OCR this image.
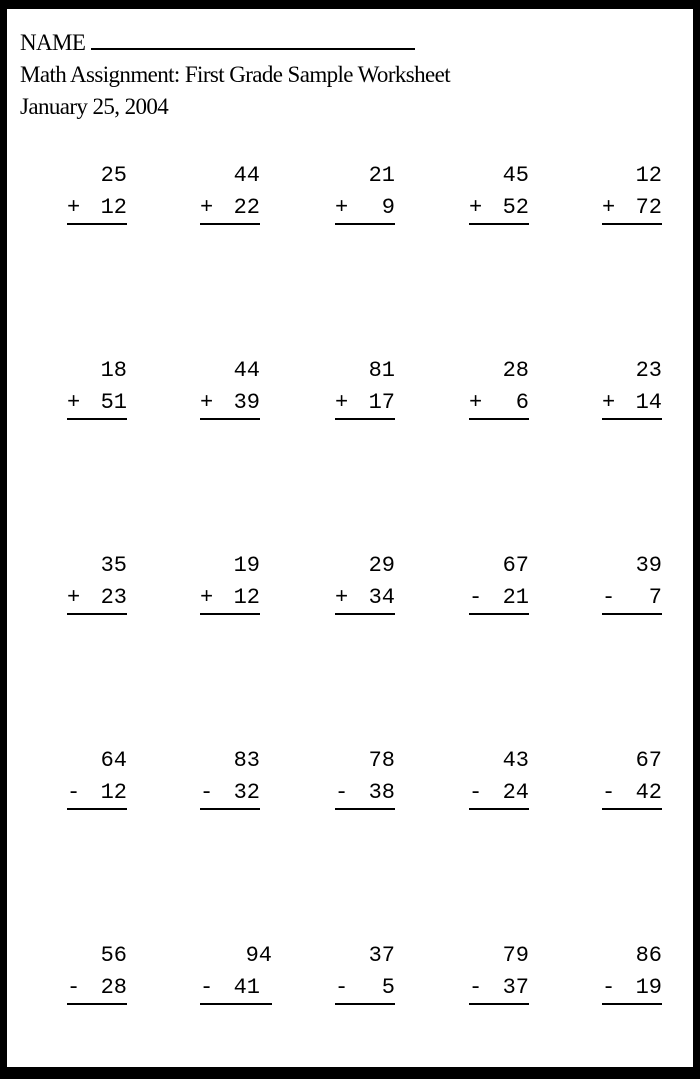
NAME
Math Assignment: First Grade Sample Worksheet
January 25, 2004
25
+ 12
44
+ 22
21
+ 9
45
+ 52
12
+ 72
18
+ 51
44
+ 39
81
+ 17
28
+ 6
23
+ 14
35
+ 23
19
+ 12
29
+ 34
67
- 21
39
- 7
64
- 12
83
- 32
78
- 38
43
- 24
67
- 42
56
- 28
94
- 41
37
- 5
79
- 37
86
- 19
